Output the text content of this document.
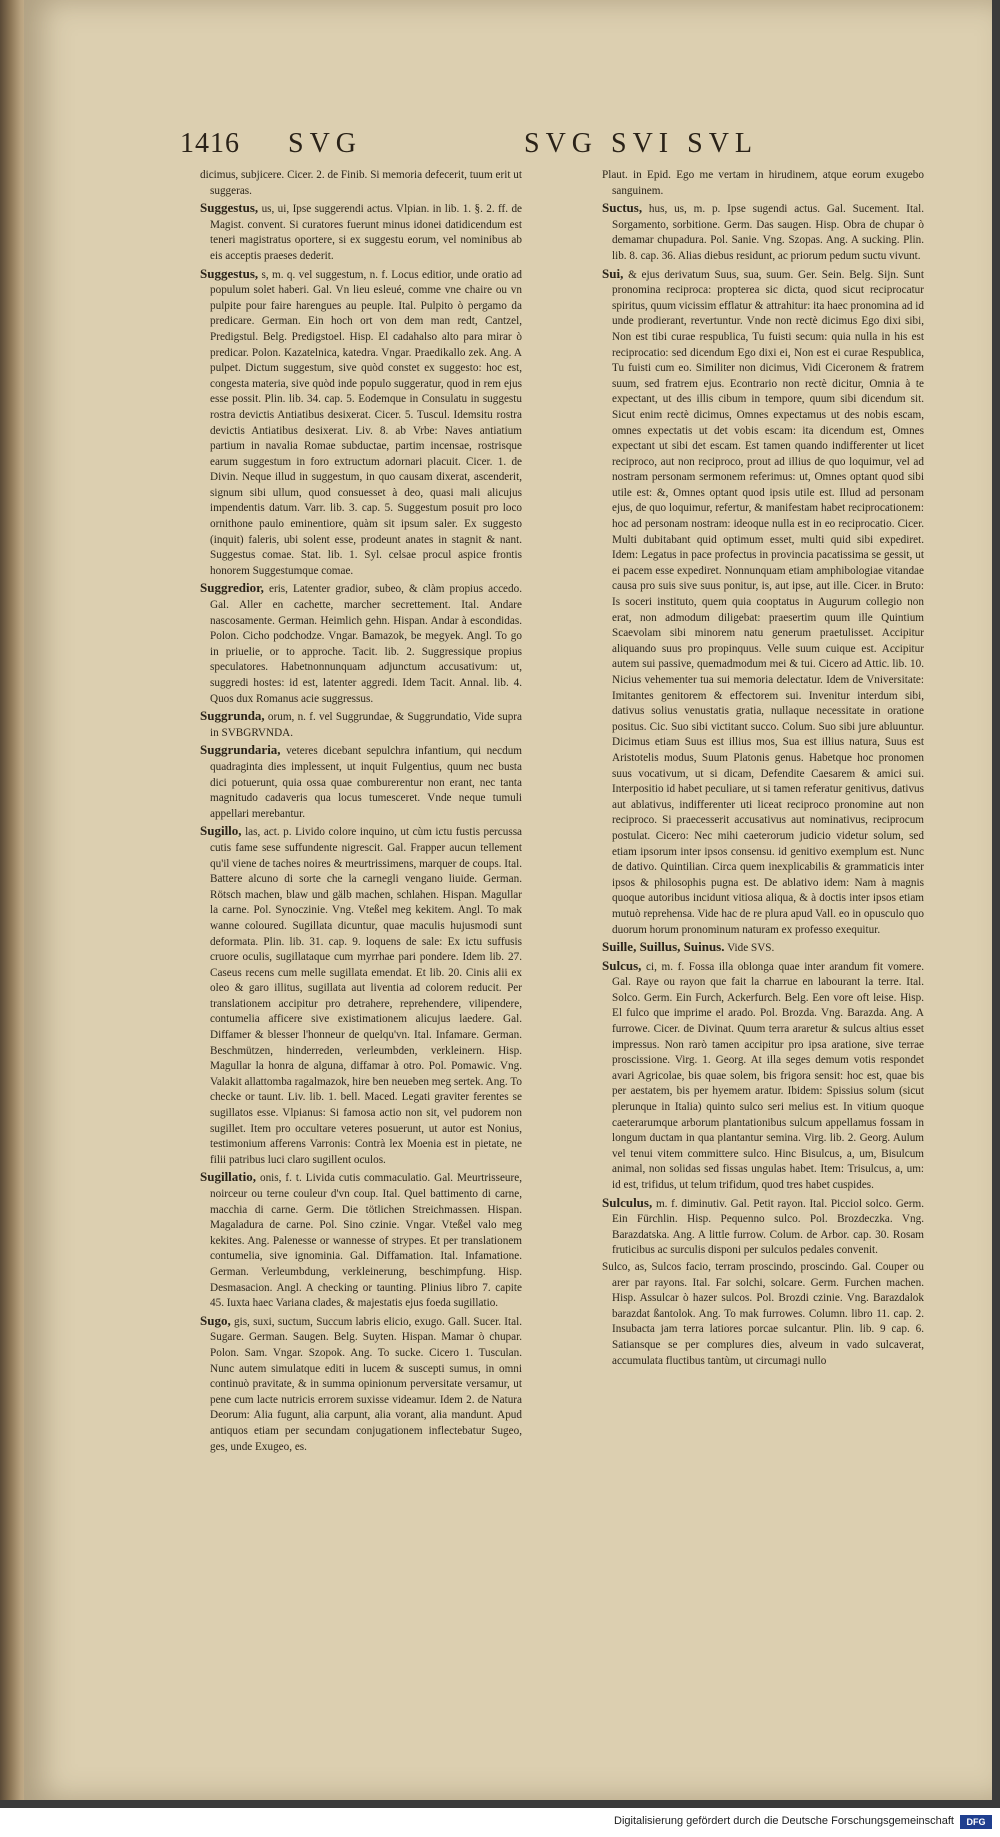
1416 SVG	SVG SVI SVL

dicimus, subjicere. Cicer. 2. de Finib. Si memoria defecerit, tuum erit ut suggeras.

Suggestus, us, ui, Ipse suggerendi actus. Vlpian. in lib. 1. §. 2. ff. de Magist. convent. Si curatores fuerunt minus idonei datidicendum est teneri magistratus oportere, si ex suggestu eorum, vel nominibus ab eis acceptis praeses dederit.

Suggestus, s, m. q. vel suggestum, n. f. Locus editior, unde oratio ad populum solet haberi. Gal. Vn lieu esleué, comme vne chaire ou vn pulpite pour faire harengues au peuple. Ital. Pulpito ò pergamo da predicare. German. Ein hoch ort von dem man redt, Cantzel, Predigstul. Belg. Predigstoel. Hisp. El cadahalso alto para mirar ò predicar. Polon. Kazatelnica, katedra. Vngar. Praedikallo zek. Ang. A pulpet. Dictum suggestum, sive quòd constet ex suggesto: hoc est, congesta materia, sive quòd inde populo suggeratur, quod in rem ejus esse possit. Plin. lib. 34. cap. 5. Eodemque in Consulatu in suggestu rostra devictis Antiatibus desixerat. Cicer. 5. Tuscul. Idemsitu rostra devictis Antiatibus desixerat. Liv. 8. ab Vrbe: Naves antiatium partium in navalia Romae subductae, partim incensae, rostrisque earum suggestum in foro extructum adornari placuit. Cicer. 1. de Divin. Neque illud in suggestum, in quo causam dixerat, ascenderit, signum sibi ullum, quod consuesset à deo, quasi mali alicujus impendentis datum. Varr. lib. 3. cap. 5. Suggestum posuit pro loco ornithone paulo eminentiore, quàm sit ipsum saler. Ex suggesto (inquit) faleris, ubi solent esse, prodeunt anates in stagnit & nant. Suggestus comae. Stat. lib. 1. Syl. celsae procul aspice frontis honorem Suggestumque comae.

Suggredior, eris, Latenter gradior, subeo, & clàm propius accedo. Gal. Aller en cachette, marcher secrettement. Ital. Andare nascosamente. German. Heimlich gehn. Hispan. Andar à escondidas. Polon. Cicho podchodze. Vngar. Bamazok, be megyek. Angl. To go in priuelie, or to approche. Tacit. lib. 2. Suggressique propius speculatores. Habetnonnunquam adjunctum accusativum: ut, suggredi hostes: id est, latenter aggredi. Idem Tacit. Annal. lib. 4. Quos dux Romanus acie suggressus.

Suggrunda, orum, n. f. vel Suggrundae, & Suggrundatio, Vide supra in SVBGRVNDA.

Suggrundaria, veteres dicebant sepulchra infantium, qui necdum quadraginta dies implessent, ut inquit Fulgentius, quum nec busta dici potuerunt, quia ossa quae comburerentur non erant, nec tanta magnitudo cadaveris qua locus tumesceret. Vnde neque tumuli appellari merebantur.

Sugillo, las, act. p. Livido colore inquino, ut cùm ictu fustis percussa cutis fame sese suffundente nigrescit. Gal. Frapper aucun tellement qu'il viene de taches noires & meurtrissimens, marquer de coups. Ital. Battere alcuno di sorte che la carnegli vengano liuide. German. Rötsch machen, blaw und gälb machen, schlahen. Hispan. Magullar la carne. Pol. Synoczinie. Vng. Vteßel meg kekitem. Angl. To mak wanne coloured. Sugillata dicuntur, quae maculis hujusmodi sunt deformata. Plin. lib. 31. cap. 9. loquens de sale: Ex ictu suffusis cruore oculis, sugillataque cum myrrhae pari pondere. Idem lib. 27. Caseus recens cum melle sugillata emendat. Et lib. 20. Cinis alii ex oleo & garo illitus, sugillata aut liventia ad colorem reducit. Per translationem accipitur pro detrahere, reprehendere, vilipendere, contumelia afficere sive existimationem alicujus laedere. Gal. Diffamer & blesser l'honneur de quelqu'vn. Ital. Infamare. German. Beschmützen, hinderreden, verleumbden, verkleinern. Hisp. Magullar la honra de alguna, diffamar à otro. Pol. Pomawic. Vng. Valakit allattomba ragalmazok, hire ben neueben meg sertek. Ang. To checke or taunt. Liv. lib. 1. bell. Maced. Legati graviter ferentes se sugillatos esse. Vlpianus: Si famosa actio non sit, vel pudorem non sugillet. Item pro occultare veteres posuerunt, ut autor est Nonius, testimonium afferens Varronis: Contrà lex Moenia est in pietate, ne filii patribus luci claro sugillent oculos.

Sugillatio, onis, f. t. Livida cutis commaculatio. Gal. Meurtrisseure, noirceur ou terne couleur d'vn coup. Ital. Quel battimento di carne, macchia di carne. Germ. Die tötlichen Streichmassen. Hispan. Magaladura de carne. Pol. Sino czinie. Vngar. Vteßel valo meg kekites. Ang. Palenesse or wannesse of strypes. Et per translationem contumelia, sive ignominia. Gal. Diffamation. Ital. Infamatione. German. Verleumbdung, verkleinerung, beschimpfung. Hisp. Desmasacion. Angl. A checking or taunting. Plinius libro 7. capite 45. Iuxta haec Variana clades, & majestatis ejus foeda sugillatio.

Sugo, gis, suxi, suctum, Succum labris elicio, exugo. Gall. Sucer. Ital. Sugare. German. Saugen. Belg. Suyten. Hispan. Mamar ò chupar. Polon. Sam. Vngar. Szopok. Ang. To sucke. Cicero 1. Tusculan. Nunc autem simulatque editi in lucem & suscepti sumus, in omni continuò pravitate, & in summa opinionum perversitate versamur, ut pene cum lacte nutricis errorem suxisse videamur. Idem 2. de Natura Deorum: Alia fugunt, alia carpunt, alia vorant, alia mandunt. Apud antiquos etiam per secundam conjugationem inflectebatur Sugeo, ges, unde Exugeo, es.

Plaut. in Epid. Ego me vertam in hirudinem, atque eorum exugebo sanguinem.

Suctus, hus, us, m. p. Ipse sugendi actus. Gal. Sucement. Ital. Sorgamento, sorbitione. Germ. Das saugen. Hisp. Obra de chupar ò demamar chupadura. Pol. Sanie. Vng. Szopas. Ang. A sucking. Plin. lib. 8. cap. 36. Alias diebus residunt, ac priorum pedum suctu vivunt.

Sui, & ejus derivatum Suus, sua, suum. Ger. Sein. Belg. Sijn. Sunt pronomina reciproca: propterea sic dicta, quod sicut reciprocatur spiritus, quum vicissim efflatur & attrahitur: ita haec pronomina ad id unde prodierant, revertuntur. Vnde non rectè dicimus Ego dixi sibi, Non est tibi curae respublica, Tu fuisti secum: quia nulla in his est reciprocatio: sed dicendum Ego dixi ei, Non est ei curae Respublica, Tu fuisti cum eo. Similiter non dicimus, Vidi Ciceronem & fratrem suum, sed fratrem ejus. Econtrario non rectè dicitur, Omnia à te expectant, ut des illis cibum in tempore, quum sibi dicendum sit. Sicut enim rectè dicimus, Omnes expectamus ut des nobis escam, omnes expectatis ut det vobis escam: ita dicendum est, Omnes expectant ut sibi det escam. Est tamen quando indifferenter ut licet reciproco, aut non reciproco, prout ad illius de quo loquimur, vel ad nostram personam sermonem referimus: ut, Omnes optant quod sibi utile est: &, Omnes optant quod ipsis utile est. Illud ad personam ejus, de quo loquimur, refertur, & manifestam habet reciprocationem: hoc ad personam nostram: ideoque nulla est in eo reciprocatio. Cicer. Multi dubitabant quid optimum esset, multi quid sibi expediret. Idem: Legatus in pace profectus in provincia pacatissima se gessit, ut ei pacem esse expediret. Nonnunquam etiam amphibologiae vitandae causa pro suis sive suus ponitur, is, aut ipse, aut ille. Cicer. in Bruto: Is soceri instituto, quem quia cooptatus in Augurum collegio non erat, non admodum diligebat: praesertim quum ille Quintium Scaevolam sibi minorem natu generum praetulisset. Accipitur aliquando suus pro propinquus. Velle suum cuique est. Accipitur autem sui passive, quemadmodum mei & tui. Cicero ad Attic. lib. 10. Nicius vehementer tua sui memoria delectatur. Idem de Vniversitate: Imitantes genitorem & effectorem sui. Invenitur interdum sibi, dativus solius venustatis gratia, nullaque necessitate in oratione positus. Cic. Suo sibi victitant succo. Colum. Suo sibi jure abluuntur. Dicimus etiam Suus est illius mos, Sua est illius natura, Suus est Aristotelis modus, Suum Platonis genus. Habetque hoc pronomen suus vocativum, ut si dicam, Defendite Caesarem & amici sui. Interpositio id habet peculiare, ut si tamen referatur genitivus, dativus aut ablativus, indifferenter uti liceat reciproco pronomine aut non reciproco. Si praecesserit accusativus aut nominativus, reciprocum postulat. Cicero: Nec mihi caeterorum judicio videtur solum, sed etiam ipsorum inter ipsos consensu. id genitivo exemplum est. Nunc de dativo. Quintilian. Circa quem inexplicabilis & grammaticis inter ipsos & philosophis pugna est. De ablativo idem: Nam à magnis quoque autoribus incidunt vitiosa aliqua, & à doctis inter ipsos etiam mutuò reprehensa. Vide hac de re plura apud Vall. eo in opusculo quo duorum horum pronominum naturam ex professo exequitur.

Suille, Suillus, Suinus. Vide SVS.

Sulcus, ci, m. f. Fossa illa oblonga quae inter arandum fit vomere. Gal. Raye ou rayon que fait la charrue en labourant la terre. Ital. Solco. Germ. Ein Furch, Ackerfurch. Belg. Een vore oft leise. Hisp. El fulco que imprime el arado. Pol. Brozda. Vng. Barazda. Ang. A furrowe. Cicer. de Divinat. Quum terra araretur & sulcus altius esset impressus. Non rarò tamen accipitur pro ipsa aratione, sive terrae proscissione. Virg. 1. Georg. At illa seges demum votis respondet avari Agricolae, bis quae solem, bis frigora sensit: hoc est, quae bis per aestatem, bis per hyemem aratur. Ibidem: Spissius solum (sicut plerunque in Italia) quinto sulco seri melius est. In vitium quoque caeterarumque arborum plantationibus sulcum appellamus fossam in longum ductam in qua plantantur semina. Virg. lib. 2. Georg. Aulum vel tenui vitem committere sulco. Hinc Bisulcus, a, um, Bisulcum animal, non solidas sed fissas ungulas habet. Item: Trisulcus, a, um: id est, trifidus, ut telum trifidum, quod tres habet cuspides.

Sulculus, m. f. diminutiv. Gal. Petit rayon. Ital. Picciol solco. Germ. Ein Fürchlin. Hisp. Pequenno sulco. Pol. Brozdeczka. Vng. Barazdatska. Ang. A little furrow. Colum. de Arbor. cap. 30. Rosam fruticibus ac surculis disponi per sulculos pedales convenit.

Sulco, as, Sulcos facio, terram proscindo, proscindo. Gal. Couper ou arer par rayons. Ital. Far solchi, solcare. Germ. Furchen machen. Hisp. Assulcar ò hazer sulcos. Pol. Brozdi czinie. Vng. Barazdalok barazdat ßantolok. Ang. To mak furrowes. Column. libro 11. cap. 2. Insubacta jam terra latiores porcae sulcantur. Plin. lib. 9 cap. 6. Satiansque se per complures dies, alveum in vado sulcaverat, accumulata fluctibus tantùm, ut circumagi nullo

Digitalisierung gefördert durch die Deutsche Forschungsgemeinschaft	DFG
